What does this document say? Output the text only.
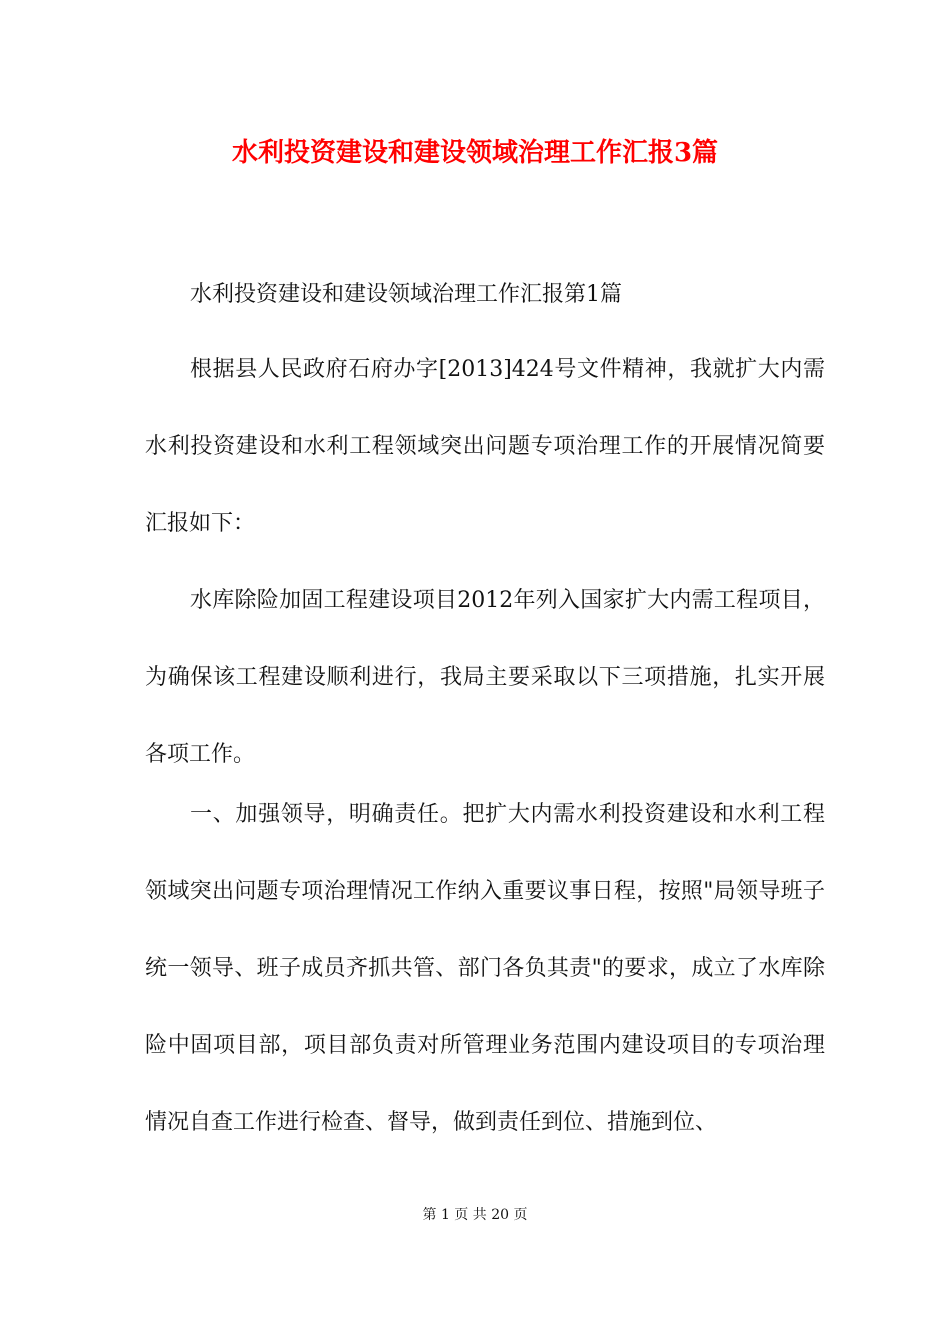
水利投资建设和建设领域治理工作汇报3篇

水利投资建设和建设领域治理工作汇报第1篇

根据县人民政府石府办字[2013]424号文件精神，我就扩大内需水利投资建设和水利工程领域突出问题专项治理工作的开展情况简要汇报如下：

水库除险加固工程建设项目2012年列入国家扩大内需工程项目，为确保该工程建设顺利进行，我局主要采取以下三项措施，扎实开展各项工作。

一、加强领导，明确责任。把扩大内需水利投资建设和水利工程领域突出问题专项治理情况工作纳入重要议事日程，按照"局领导班子统一领导、班子成员齐抓共管、部门各负其责"的要求，成立了水库除险中固项目部，项目部负责对所管理业务范围内建设项目的专项治理情况自查工作进行检查、督导，做到责任到位、措施到位、

第 1 页 共 20 页
